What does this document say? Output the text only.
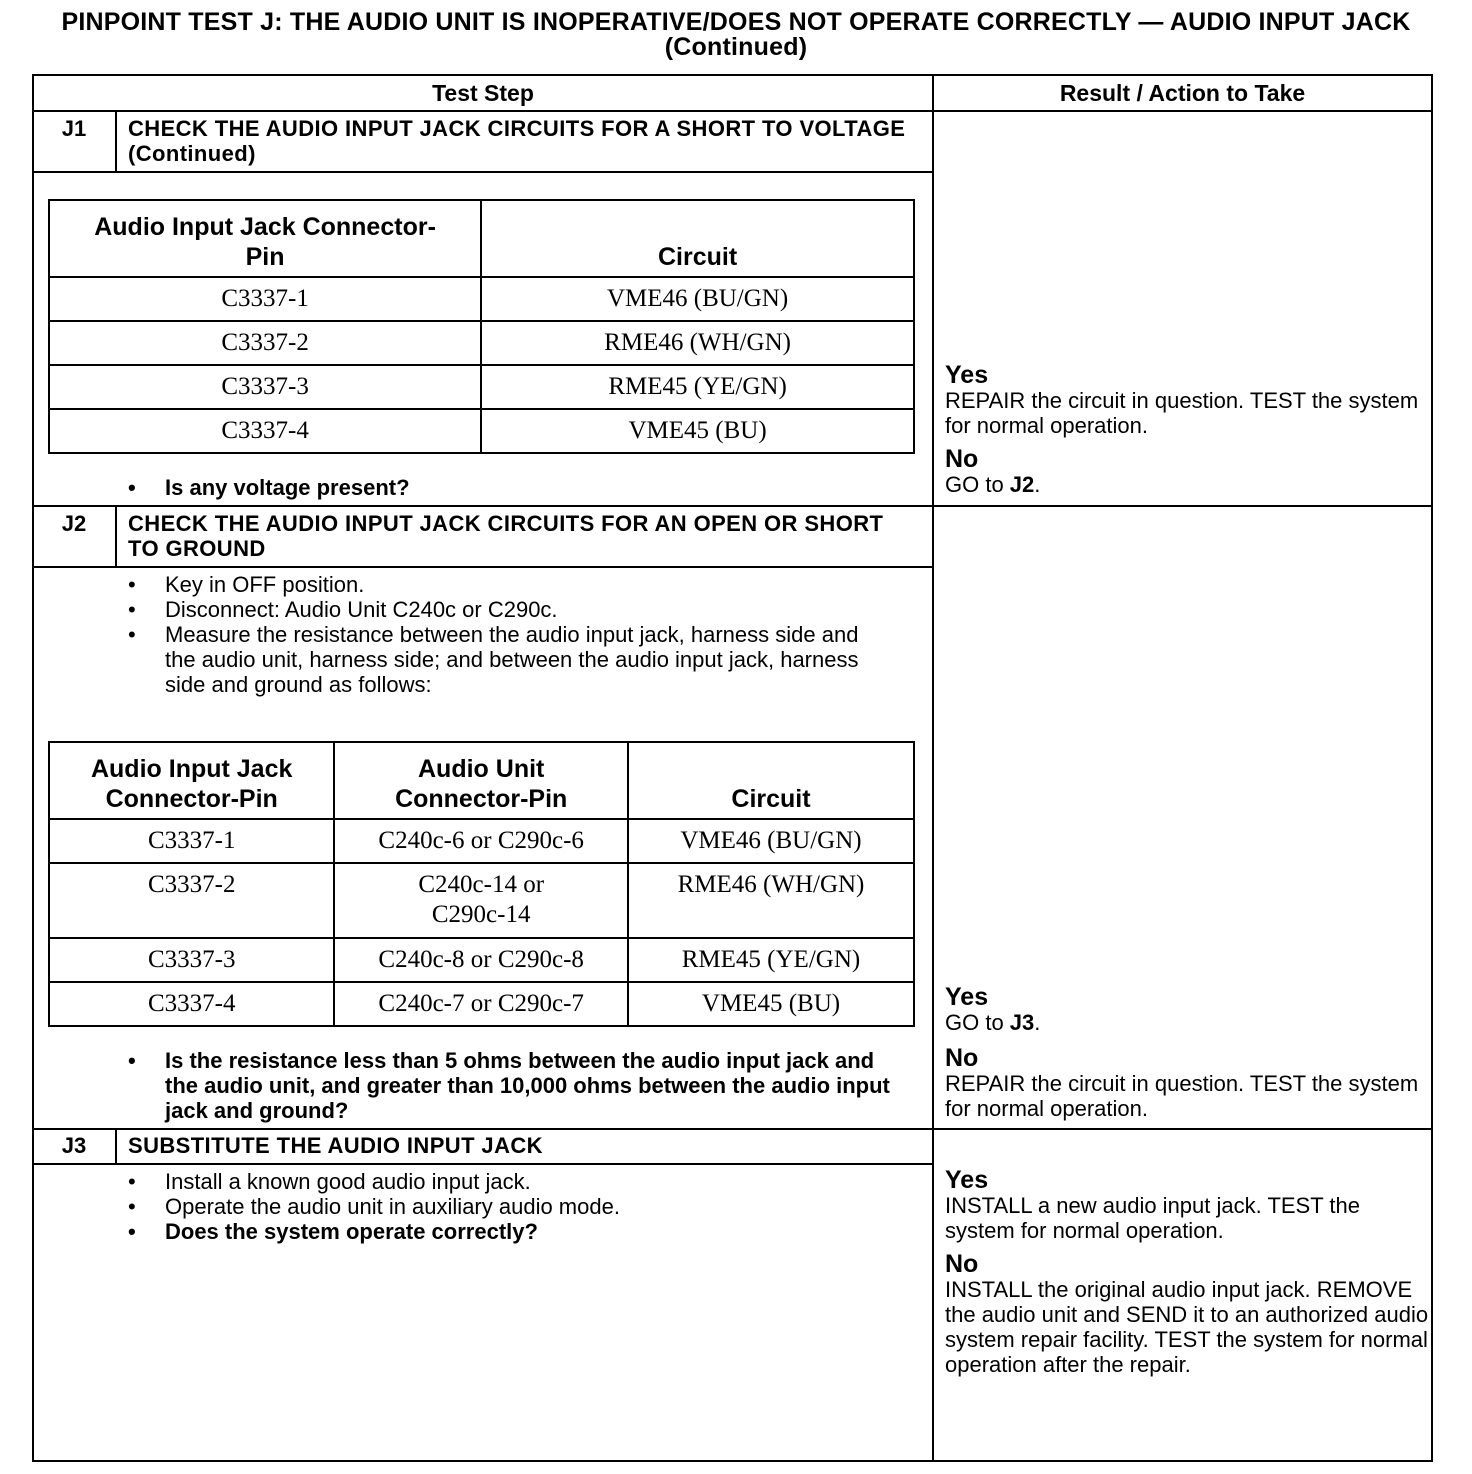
PINPOINT TEST J: THE AUDIO UNIT IS INOPERATIVE/DOES NOT OPERATE CORRECTLY — AUDIO INPUT JACK (Continued)
Test Step	Result / Action to Take
J1	CHECK THE AUDIO INPUT JACK CIRCUITS FOR A SHORT TO VOLTAGE (Continued)
Audio Input Jack Connector-Pin	Circuit
C3337-1	VME46 (BU/GN)
C3337-2	RME46 (WH/GN)
C3337-3	RME45 (YE/GN)
C3337-4	VME45 (BU)
• Is any voltage present?
Yes
REPAIR the circuit in question. TEST the system for normal operation.
No
GO to J2.
J2	CHECK THE AUDIO INPUT JACK CIRCUITS FOR AN OPEN OR SHORT TO GROUND
• Key in OFF position.
• Disconnect: Audio Unit C240c or C290c.
• Measure the resistance between the audio input jack, harness side and the audio unit, harness side; and between the audio input jack, harness side and ground as follows:
Audio Input Jack Connector-Pin	Audio Unit Connector-Pin	Circuit
C3337-1	C240c-6 or C290c-6	VME46 (BU/GN)
C3337-2	C240c-14 or C290c-14	RME46 (WH/GN)
C3337-3	C240c-8 or C290c-8	RME45 (YE/GN)
C3337-4	C240c-7 or C290c-7	VME45 (BU)
• Is the resistance less than 5 ohms between the audio input jack and the audio unit, and greater than 10,000 ohms between the audio input jack and ground?
Yes
GO to J3.
No
REPAIR the circuit in question. TEST the system for normal operation.
J3	SUBSTITUTE THE AUDIO INPUT JACK
• Install a known good audio input jack.
• Operate the audio unit in auxiliary audio mode.
• Does the system operate correctly?
Yes
INSTALL a new audio input jack. TEST the system for normal operation.
No
INSTALL the original audio input jack. REMOVE the audio unit and SEND it to an authorized audio system repair facility. TEST the system for normal  operation after the repair.
